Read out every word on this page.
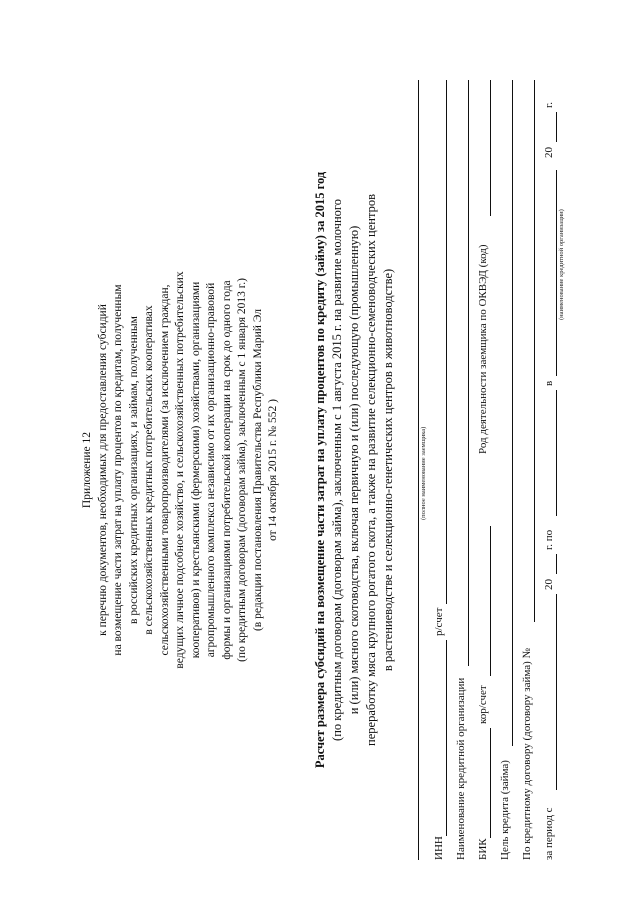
Приложение 12 к перечню документов, необходимых для предоставления субсидий на возмещение части затрат на уплату процентов по кредитам, полученным в российских кредитных организациях, и займам, полученным в сельскохозяйственных кредитных потребительских кооперативах сельскохозяйственными товаропроизводителями (за исключением граждан, ведущих личное подсобное хозяйство, и сельскохозяйственных потребительских кооперативов) и крестьянскими (фермерскими) хозяйствами, организациями агропромышленного комплекса независимо от их организационно-правовой формы и организациями потребительской кооперации на срок до одного года (по кредитным договорам (договорам займа), заключенным с 1 января 2013 г.) (в редакции постановления Правительства Республики Марий Эл от 14 октября 2015 г. № 552 )	Расчет размера субсидий на возмещение части затрат на уплату процентов по кредиту (займу) за 2015 год (по кредитным договорам (договорам займа), заключенным с 1 августа 2015 г. на развитие молочного и (или) мясного скотоводства, включая первичную и (или) последующую (промышленную) переработку мяса крупного рогатого скота, а также на развитие селекционно-семеноводческих центров в растениеводстве и селекционно-генетических центров в животноводстве)	(полное наименование заемщика)
ИНН
р/счет
Наименование кредитной организации БИК
кор/счет
Род деятельности заемщика по ОКВЭД (код)
Цель кредита (займа) По кредитному договору (договору займа) № за период с
20
г. по
в
(наименование кредитной организации)
20
г.
